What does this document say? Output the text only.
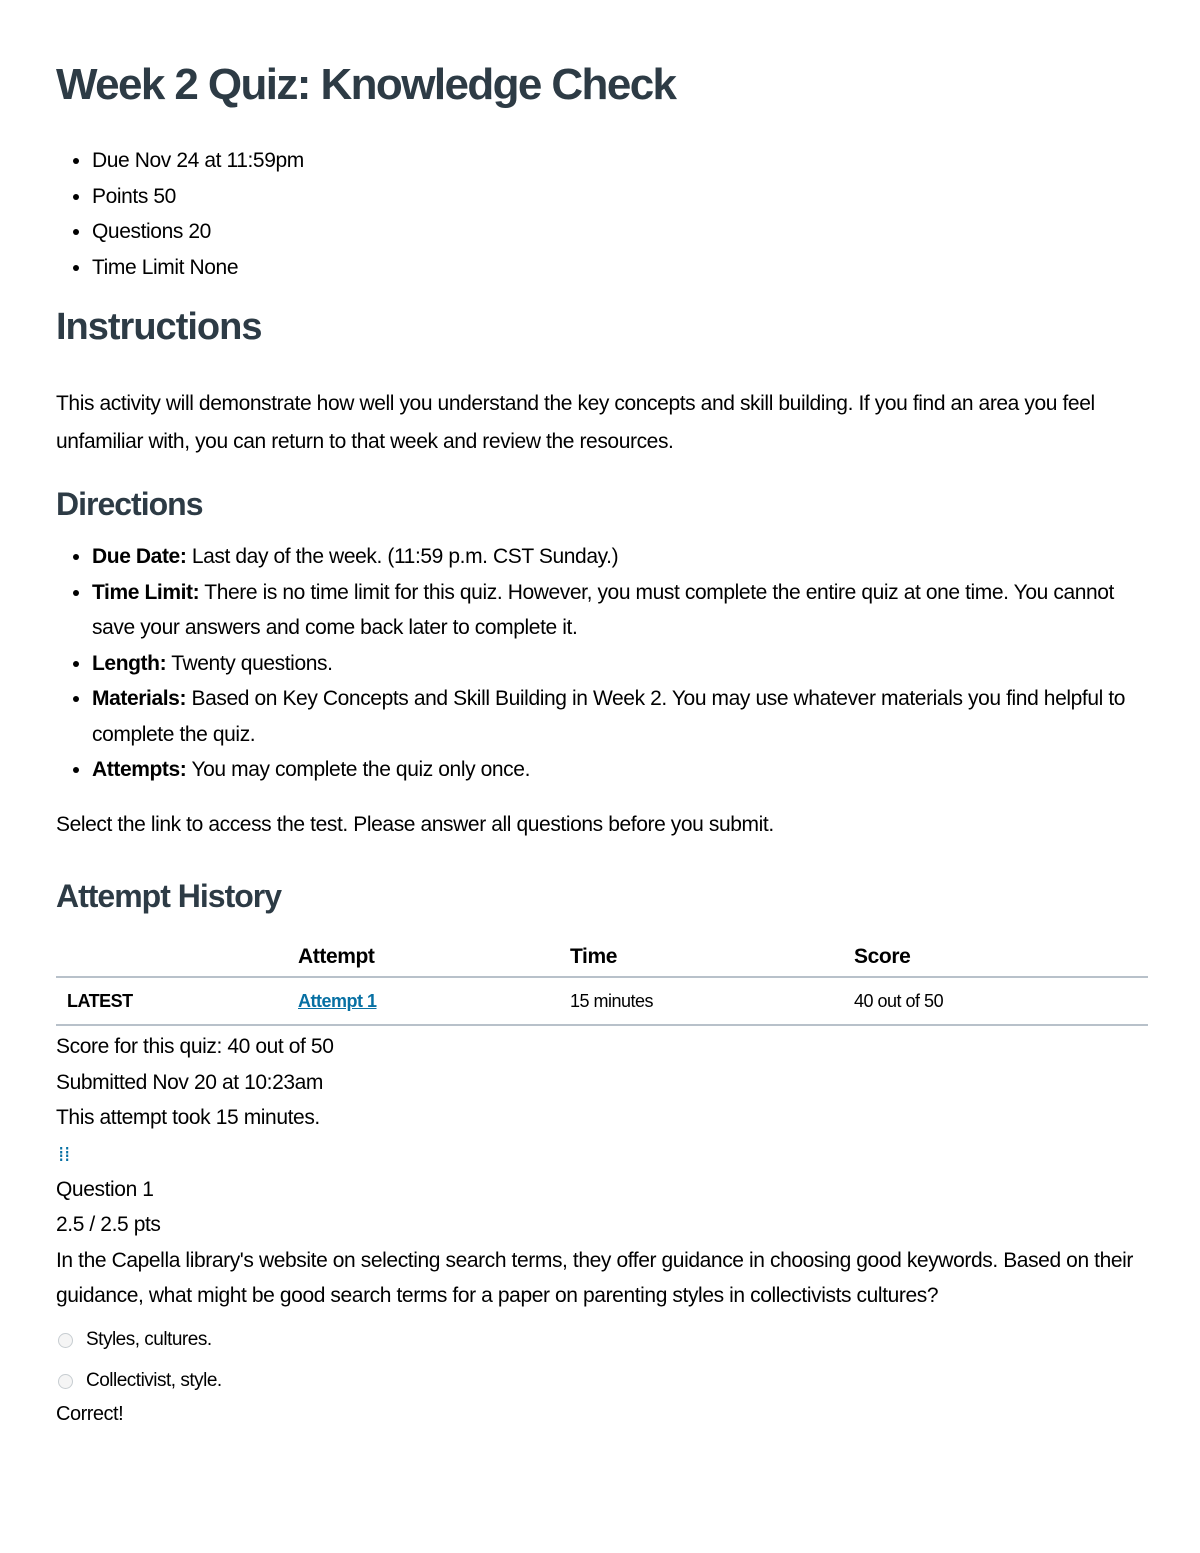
Week 2 Quiz: Knowledge Check
• Due Nov 24 at 11:59pm
• Points 50
• Questions 20
• Time Limit None
Instructions

This activity will demonstrate how well you understand the key concepts and skill building. If you find an area you feel unfamiliar with, you can return to that week and review the resources.

Directions
• Due Date: Last day of the week. (11:59 p.m. CST Sunday.)
• Time Limit: There is no time limit for this quiz. However, you must complete the entire quiz at one time. You cannot save your answers and come back later to complete it.
• Length: Twenty questions.
• Materials: Based on Key Concepts and Skill Building in Week 2. You may use whatever materials you find helpful to complete the quiz.
• Attempts: You may complete the quiz only once.

Select the link to access the test. Please answer all questions before you submit.

Attempt History
	Attempt	Time	Score
LATEST	Attempt 1	15 minutes	40 out of 50
Score for this quiz: 40 out of 50
Submitted Nov 20 at 10:23am
This attempt took 15 minutes.
⁞⁞
Question 1
2.5 / 2.5 pts
In the Capella library's website on selecting search terms, they offer guidance in choosing good keywords. Based on their guidance, what might be good search terms for a paper on parenting styles in collectivists cultures?
Styles, cultures.
Collectivist, style.
Correct!
